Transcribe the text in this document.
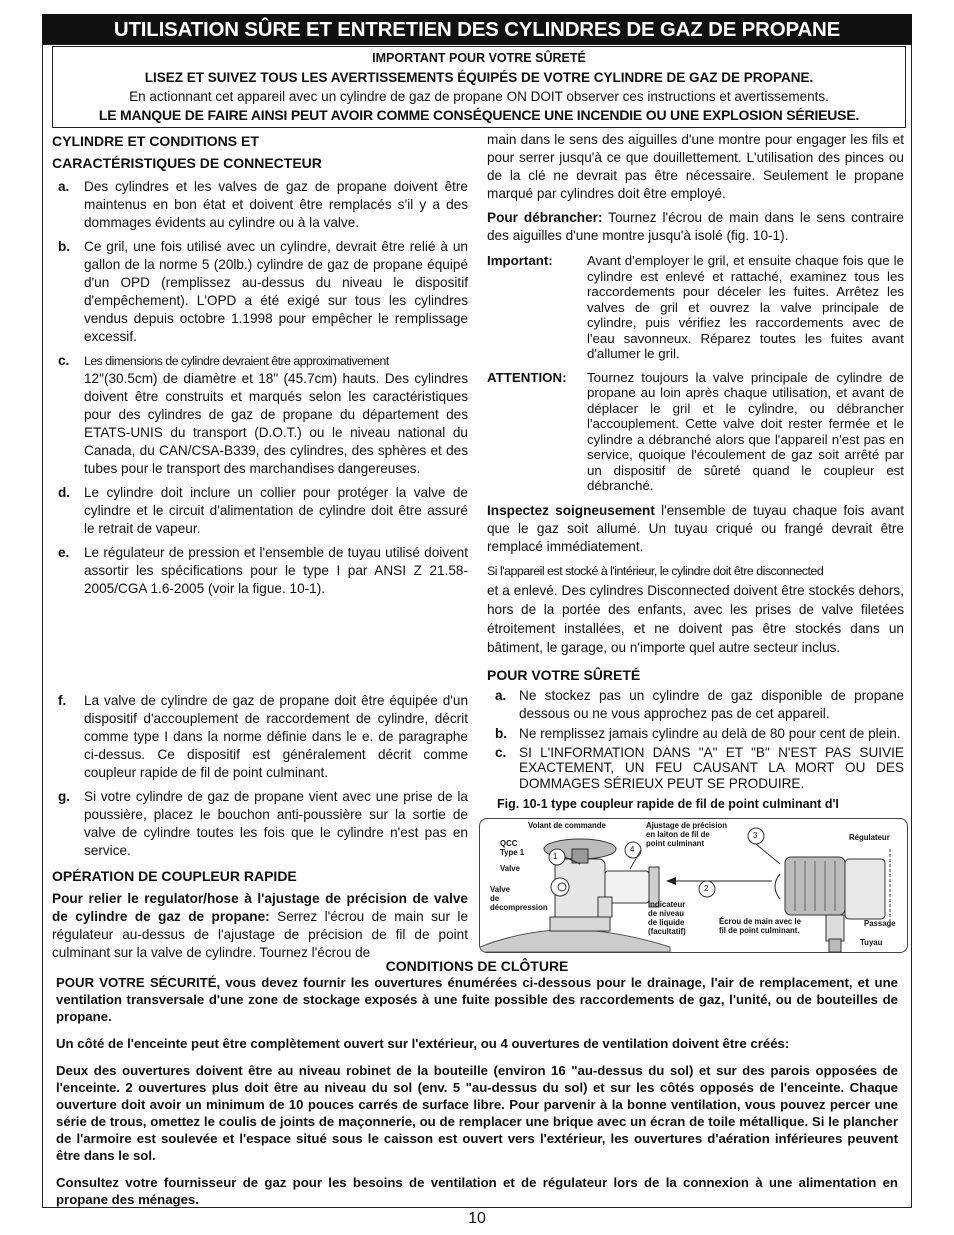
UTILISATION SÛRE ET ENTRETIEN DES CYLINDRES DE GAZ DE PROPANE
IMPORTANT POUR VOTRE SÛRETÉ
LISEZ ET SUIVEZ TOUS LES AVERTISSEMENTS ÉQUIPÉS DE VOTRE CYLINDRE DE GAZ DE PROPANE.
En actionnant cet appareil avec un cylindre de gaz de propane ON DOIT observer ces instructions et avertissements.
LE MANQUE DE FAIRE AINSI PEUT AVOIR COMME CONSÉQUENCE UNE INCENDIE OU UNE EXPLOSION SÉRIEUSE.
CYLINDRE ET CONDITIONS ET
CARACTÉRISTIQUES DE CONNECTEUR
a. Des cylindres et les valves de gaz de propane doivent être maintenus en bon état et doivent être remplacés s'il y a des dommages évidents au cylindre ou à la valve.
b. Ce gril, une fois utilisé avec un cylindre, devrait être relié à un gallon de la norme 5 (20lb.) cylindre de gaz de propane équipé d'un OPD (remplissez au-dessus du niveau le dispositif d'empêchement). L'OPD a été exigé sur tous les cylindres vendus depuis octobre 1.1998 pour empêcher le remplissage excessif.
c. Les dimensions de cylindre devraient être approximativement
12"(30.5cm) de diamètre et 18" (45.7cm) hauts. Des cylindres doivent être construits et marqués selon les caractéristiques pour des cylindres de gaz de propane du département des ETATS-UNIS du transport (D.O.T.) ou le niveau national du Canada, du CAN/CSA-B339, des cylindres, des sphères et des tubes pour le transport des marchandises dangereuses.
d. Le cylindre doit inclure un collier pour protéger la valve de cylindre et le circuit d'alimentation de cylindre doit être assuré le retrait de vapeur.
e. Le régulateur de pression et l'ensemble de tuyau utilisé doivent assortir les spécifications pour le type I par ANSI Z 21.58-2005/CGA 1.6-2005 (voir la figue. 10-1).
f. La valve de cylindre de gaz de propane doit être équipée d'un dispositif d'accouplement de raccordement de cylindre, décrit comme type I dans la norme définie dans le e. de paragraphe ci-dessus. Ce dispositif est généralement décrit comme coupleur rapide de fil de point culminant.
g. Si votre cylindre de gaz de propane vient avec une prise de la poussière, placez le bouchon anti-poussière sur la sortie de valve de cylindre toutes les fois que le cylindre n'est pas en service.
OPÉRATION DE COUPLEUR RAPIDE
Pour relier le regulator/hose à l'ajustage de précision de valve de cylindre de gaz de propane: Serrez l'écrou de main sur le régulateur au-dessus de l'ajustage de précision de fil de point culminant sur la valve de cylindre. Tournez l'écrou de
main dans le sens des aiguilles d'une montre pour engager les fils et pour serrer jusqu'à ce que douillettement. L'utilisation des pinces ou de la clé ne devrait pas être nécessaire. Seulement le propane marqué par cylindres doit être employé.
Pour débrancher: Tournez l'écrou de main dans le sens contraire des aiguilles d'une montre jusqu'à isolé (fig. 10-1).
Important:	Avant d'employer le gril, et ensuite chaque fois que le cylindre est enlevé et rattaché, examinez tous les raccordements pour déceler les fuites. Arrêtez les valves de gril et ouvrez la valve principale de cylindre, puis vérifiez les raccordements avec de l'eau savonneux. Réparez toutes les fuites avant d'allumer le gril.
ATTENTION: Tournez toujours la valve principale de cylindre de propane au loin après chaque utilisation, et avant de déplacer le gril et le cylindre, ou débrancher l'accouplement. Cette valve doit rester fermée et le cylindre a débranché alors que l'appareil n'est pas en service, quoique l'écoulement de gaz soit arrêté par un dispositif de sûreté quand le coupleur est débranché.
Inspectez soigneusement l'ensemble de tuyau chaque fois avant que le gaz soit allumé. Un tuyau criqué ou frangé devrait être remplacé immédiatement.
Si l'appareil est stocké à l'intérieur, le cylindre doit être disconnected
et a enlevé. Des cylindres Disconnected doivent être stockés dehors, hors de la portée des enfants, avec les prises de valve filetées étroitement installées, et ne doivent pas être stockés dans un bâtiment, le garage, ou n'importe quel autre secteur inclus.
POUR VOTRE SÛRETÉ
a. Ne stockez pas un cylindre de gaz disponible de propane dessous ou ne vous approchez pas de cet appareil.
b. Ne remplissez jamais cylindre au delà de 80 pour cent de plein.
c. SI L'INFORMATION DANS "A" ET "B" N'EST PAS SUIVIE EXACTEMENT, UN FEU CAUSANT LA MORT OU DES DOMMAGES SÉRIEUX PEUT SE PRODUIRE.
Fig. 10-1 type coupleur rapide de fil de point culminant d'I
1
2
3
4
Volant de commande	Ajustage de précision
en laiton de fil de
point culminant
QCC
Type 1
Valve
Valve
de
décompression	Indicateur
de niveau
de liquide
(facultatif)
Écrou de main avec le
fil de point culminant.
Régulateur
Passage
Tuyau
CONDITIONS DE CLÔTURE

POUR VOTRE SÉCURITÉ, vous devez fournir les ouvertures énumérées ci-dessous pour le drainage, l'air de remplacement, et une ventilation transversale d'une zone de stockage exposés à une fuite possible des raccordements de gaz, l'unité, ou de bouteilles de propane.

Un côté de l'enceinte peut être complètement ouvert sur l'extérieur, ou 4 ouvertures de ventilation doivent être créés:

Deux des ouvertures doivent être au niveau robinet de la bouteille (environ 16 "au-dessus du sol) et sur des parois opposées de l'enceinte. 2 ouvertures plus doit être au niveau du sol (env. 5 "au-dessus du sol) et sur les côtés opposés de l'enceinte. Chaque ouverture doit avoir un minimum de 10 pouces carrés de surface libre. Pour parvenir à la bonne ventilation, vous pouvez percer une série de trous, omettez le coulis de joints de maçonnerie, ou de remplacer une brique avec un écran de toile métallique. Si le plancher de l'armoire est soulevée et l'espace situé sous le caisson est ouvert vers l'extérieur, les ouvertures d'aération inférieures peuvent être dans le sol.

Consultez votre fournisseur de gaz pour les besoins de ventilation et de régulateur lors de la connexion à une alimentation en propane des ménages.

10
